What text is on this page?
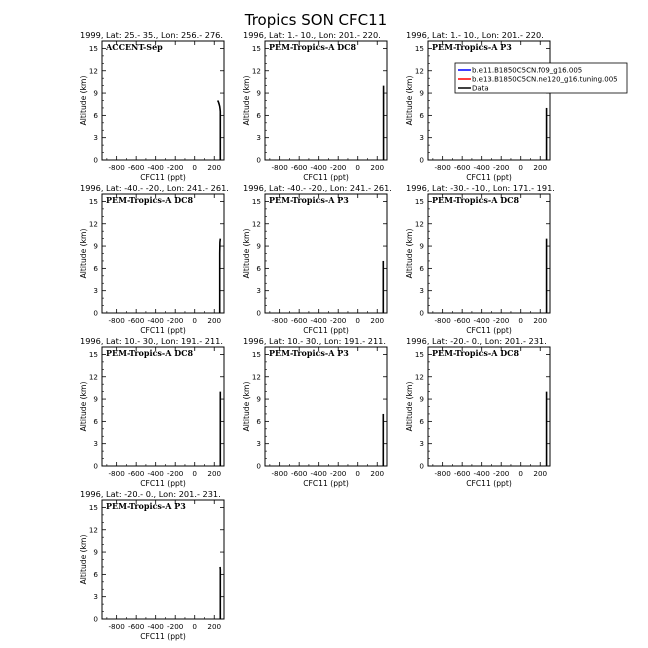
Tropics SON CFC11
1999, Lat: 25.- 35., Lon: 256.- 276.
ACCENT-Sep
-800 -600 -400 -200 0 200
0
3
6
9
12
15
CFC11 (ppt)
Altitude (km)
1996, Lat: 1.- 10., Lon: 201.- 220.
PEM-Tropics-A DC8
-800 -600 -400 -200 0 200
0
3
6
9
12
15
CFC11 (ppt)
Altitude (km)
1996, Lat: 1.- 10., Lon: 201.- 220.
PEM-Tropics-A P3
-800 -600 -400 -200 0 200
0
3
6
9
12
15
CFC11 (ppt)
Altitude (km)
1996, Lat: -40.- -20., Lon: 241.- 261.
PEM-Tropics-A DC8
-800 -600 -400 -200 0 200
0
3
6
9
12
15
CFC11 (ppt)
Altitude (km)
1996, Lat: -40.- -20., Lon: 241.- 261.
PEM-Tropics-A P3
-800 -600 -400 -200 0 200
0
3
6
9
12
15
CFC11 (ppt)
Altitude (km)
1996, Lat: -30.- -10., Lon: 171.- 191.
PEM-Tropics-A DC8
-800 -600 -400 -200 0 200
0
3
6
9
12
15
CFC11 (ppt)
Altitude (km)
1996, Lat: 10.- 30., Lon: 191.- 211.
PEM-Tropics-A DC8
-800 -600 -400 -200 0 200
0
3
6
9
12
15
CFC11 (ppt)
Altitude (km)
1996, Lat: 10.- 30., Lon: 191.- 211.
PEM-Tropics-A P3
-800 -600 -400 -200 0 200
0
3
6
9
12
15
CFC11 (ppt)
Altitude (km)
1996, Lat: -20.- 0., Lon: 201.- 231.
PEM-Tropics-A DC8
-800 -600 -400 -200 0 200
0
3
6
9
12
15
CFC11 (ppt)
Altitude (km)
1996, Lat: -20.- 0., Lon: 201.- 231.
PEM-Tropics-A P3
-800 -600 -400 -200 0 200
0
3
6
9
12
15
CFC11 (ppt)
Altitude (km)
b.e11.B1850C5CN.f09_g16.005
b.e13.B1850C5CN.ne120_g16.tuning.005
Data
